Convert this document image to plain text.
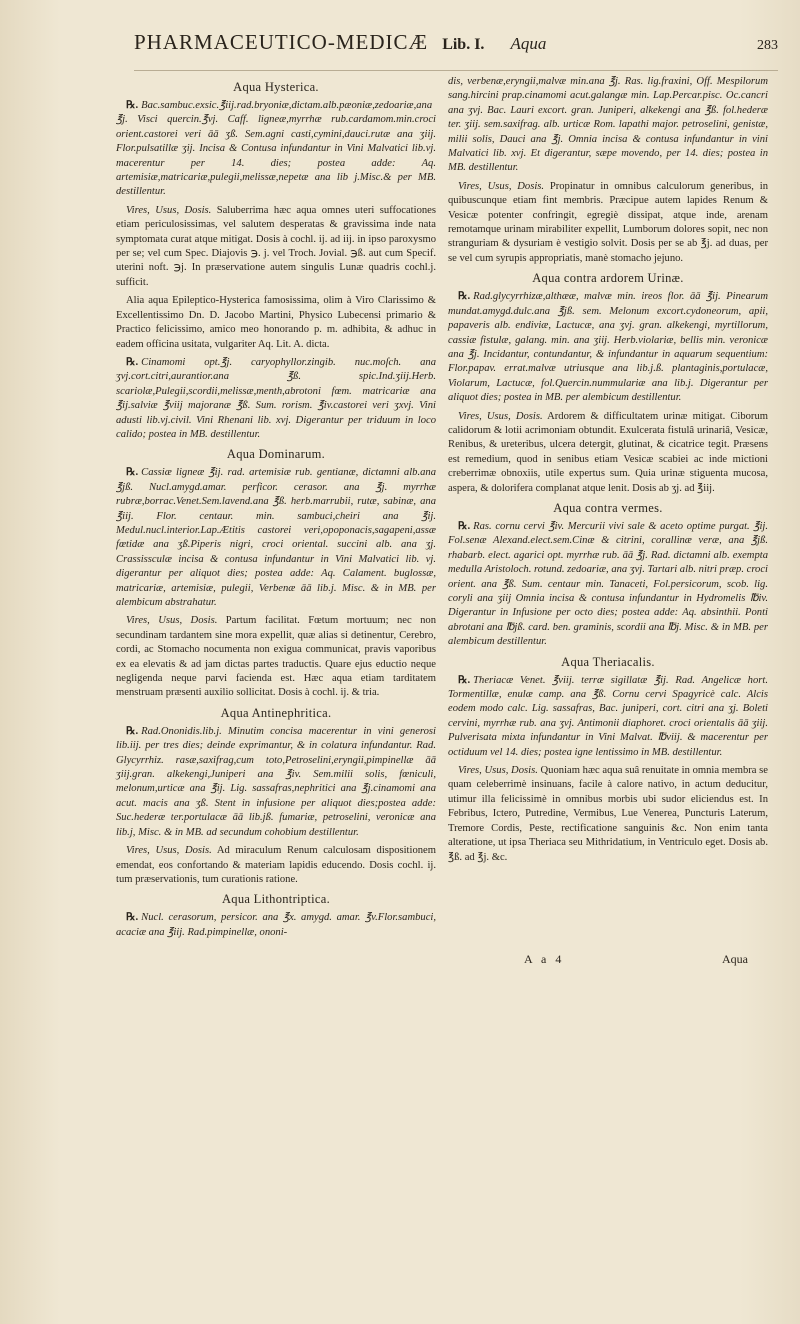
PHARMACEUTICO-MEDICÆ Lib. I. Aqua	283
Aqua Hysterica.

℞. Bac.sambuc.exsic.℥iij.rad.bryoniæ,dictam.alb.pæoniæ,zedoariæ,ana ℥j. Visci quercin.℥vj. Caff. ligneæ,myrrhæ rub.cardamom.min.croci orient.castorei veri āā ʒß. Sem.agni casti,cymini,dauci.rutæ ana ʒiij. Flor.pulsatillæ ʒij. Incisa & Contusa infundantur in Vini Malvatici lib.vj. macerentur per 14. dies; postea adde: Aq. artemisiæ,matricariæ,pulegii,melissæ,nepetæ ana lib j.Misc.& per MB. destillentur.

Vires, Usus, Dosis. Saluberrima hæc aqua omnes uteri suffocationes etiam periculosissimas, vel salutem desperatas & gravissima inde nata symptomata curat atque mitigat. Dosis à cochl. ij. ad iij. in ipso paroxysmo per se; vel cum Spec. Diajovis ℈. j. vel Troch. Jovial. ℈ß. aut cum Specif. uterini noft. ℈j. In præservatione autem singulis Lunæ quadris cochl.j. sufficit.

Alia aqua Epileptico-Hysterica famosissima, olim à Viro Clarissimo & Excellentissimo Dn. D. Jacobo Martini, Physico Lubecensi primario & Practico felicissimo, amico meo honorando p. m. adhibita, & adhuc in eadem officina usitata, vulgariter Aq. Lit. A. dicta.

℞. Cinamomi opt.℥j. caryophyllor.zingib. nuc.moſch. ana ʒvj.cort.citri,aurantior.ana ℥ß. spic.Ind.ʒiij.Herb. scariolæ,Pulegii,scordii,melissæ,menth,abrotoni fœm. matricariæ ana ℥ij.salviæ ℥viij majoranæ ℥ß. Sum. rorism. ℥iv.castorei veri ʒxvj. Vini adusti lib.vj.civil. Vini Rhenani lib. xvj. Digerantur per triduum in loco calido; postea in MB. destillentur.

Aqua Dominarum.

℞. Cassiæ ligneæ ℥ij. rad. artemisiæ rub. gentianæ, dictamni alb.ana ℥jß. Nucl.amygd.amar. perficor. cerasor. ana ℥j. myrrhæ rubræ,borrac.Venet.Sem.lavend.ana ℥ß. herb.marrubii, rutæ, sabinæ, ana ℥iij. Flor. centaur. min. sambuci,cheiri ana ℥ij. Medul.nucl.interior.Lap.Ætitis castorei veri,opoponacis,sagapeni,assæ fœtidæ ana ʒß.Piperis nigri, croci oriental. succini alb. ana ʒj. Crassissculæ incisa & contusa infundantur in Vini Malvatici lib. vj. digerantur per aliquot dies; postea adde: Aq. Calament. buglossæ, matricariæ, artemisiæ, pulegii, Verbenæ āā lib.j. Misc. & in MB. per alembicum abstrahatur.

Vires, Usus, Dosis. Partum facilitat. Fœtum mortuum; nec non secundinam tardantem sine mora expellit, quæ alias si detinentur, Cerebro, cordi, ac Stomacho nocumenta non exigua communicat, pravis vaporibus ex ea elevatis & ad jam dictas partes traductis. Quare ejus eductio neque negligenda neque parvi facienda est. Hæc aqua etiam tarditatem menstruam præsenti auxilio sollicitat. Dosis à cochl. ij. & tria.

Aqua Antinephritica.

℞. Rad.Ononidis.lib.j. Minutim concisa macerentur in vini generosi lib.iij. per tres dies; deinde exprimantur, & in colatura infundantur. Rad. Glycyrrhiz. rasæ,saxifrag,cum toto,Petroselini,eryngii,pimpinellæ āā ʒiij.gran. alkekengi,Juniperi ana ℥iv. Sem.milii solis, fœniculi, melonum,urticæ ana ℥ij. Lig. sassafras,nephritici ana ℥j.cinamomi ana acut. macis ana ʒß. Stent in infusione per aliquot dies;postea adde: Suc.hederæ ter.portulacæ āā lib.jß. fumariæ, petroselini, veronicæ ana lib.j, Misc. & in MB. ad secundum cohobium destillentur.

Vires, Usus, Dosis. Ad miraculum Renum calculosam dispositionem emendat, eos confortando & materiam lapidis educendo. Dosis cochl. ij. tum præservationis, tum curationis ratione.

Aqua Lithontriptica.

℞. Nucl. cerasorum, persicor. ana ℥x. amygd. amar. ℥v.Flor.sambuci, acaciæ ana ℥iij. Rad.pimpinellæ, ononi-

dis, verbenæ,eryngii,malvæ min.ana ℥j. Ras. lig.fraxini, Off. Mespilorum sang.hircini prap.cinamomi acut.galangæ min. Lap.Percar.pisc. Oc.cancri ana ʒvj. Bac. Lauri excort. gran. Juniperi, alkekengi ana ℥ß. fol.hederæ ter. ʒiij. sem.saxifrag. alb. urticæ Rom. lapathi major. petroselini, genistæ, milii solis, Dauci ana ℥j. Omnia incisa & contusa infundantur in vini Malvatici lib. xvj. Et digerantur, sæpe movendo, per 14. dies; postea in MB. destillentur.

Vires, Usus, Dosis. Propinatur in omnibus calculorum generibus, in quibuscunque etiam fint membris. Præcipue autem lapides Renum & Vesicæ potenter confringit, egregiè dissipat, atque inde, arenam remotamque urinam mirabiliter expellit, Lumborum dolores sopit, nec non stranguriam & dysuriam è vestigio solvit. Dosis per se ab ℥j. ad duas, per se vel cum syrupis appropriatis, manè stomacho jejuno.

Aqua contra ardorem Urinæ.

℞. Rad.glycyrrhizæ,althææ, malvæ min. ireos flor. āā ℥ij. Pinearum mundat.amygd.dulc.ana ℥jß. sem. Melonum excort.cydoneorum, apii, papaveris alb. endiviæ, Lactucæ, ana ʒvj. gran. alkekengi, myrtillorum, cassiæ fistulæ, galang. min. ana ʒiij. Herb.violariæ, bellis min. veronicæ ana ℥j. Incidantur, contundantur, & infundantur in aquarum sequentium: Flor.papav. errat.malvæ utriusque ana lib.j.ß. plantaginis,portulacæ, Violarum, Lactucæ, fol.Quercin.nummulariæ ana lib.j. Digerantur per aliquot dies; postea in MB. per alembicum destillentur.

Vires, Usus, Dosis. Ardorem & difficultatem urinæ mitigat. Ciborum calidorum & lotii acrimoniam obtundit. Exulcerata fistulâ urinariâ, Vesicæ, Renibus, & ureteribus, ulcera detergit, glutinat, & cicatrice tegit. Præsens est remedium, quod in senibus etiam Vesicæ scabiei ac inde mictioni creberrimæ obnoxiis, utile expertus sum. Quia urinæ stiguenta mucosa, aspera, & dolorifera complanat atque lenit. Dosis ab ʒj. ad ℥iij.

Aqua contra vermes.

℞. Ras. cornu cervi ℥iv. Mercurii vivi sale & aceto optime purgat. ℥ij. Fol.senæ Alexand.elect.sem.Cinæ & citrini, corallinæ veræ, ana ℥jß. rhabarb. elect. agarici opt. myrrhæ rub. āā ℥j. Rad. dictamni alb. exempta medulla Aristoloch. rotund. zedoariæ, ana ʒvj. Tartari alb. nitri præp. croci orient. ana ℥ß. Sum. centaur min. Tanaceti, Fol.persicorum, scob. lig. coryli ana ʒiij Omnia incisa & contusa infundantur in Hydromelis ℔iv. Digerantur in Infusione per octo dies; postea adde: Aq. absinthii. Ponti abrotani ana ℔jß. card. ben. graminis, scordii ana ℔j. Misc. & in MB. per alembicum destillentur.

Aqua Theriacalis.

℞. Theriacæ Venet. ℥viij. terræ sigillatæ ℥ij. Rad. Angelicæ hort. Tormentillæ, enulæ camp. ana ℥ß. Cornu cervi Spagyricè calc. Alcis eodem modo calc. Lig. sassafras, Bac. juniperi, cort. citri ana ʒj. Boleti cervini, myrrhæ rub. ana ʒvj. Antimonii diaphoret. croci orientalis āā ʒiij. Pulverisata mixta infundantur in Vini Malvat. ℔viij. & macerentur per octiduum vel 14. dies; postea igne lentissimo in MB. destillentur.

Vires, Usus, Dosis. Quoniam hæc aqua suâ renuitate in omnia membra se quam celeberrimè insinuans, facile à calore nativo, in actum deducitur, utimur illa felicissimè in omnibus morbis ubi sudor eliciendus est. In Febribus, Ictero, Putredine, Vermibus, Lue Venerea, Puncturis Laterum, Tremore Cordis, Peste, rectificatione sanguinis &c. Non enim tanta alteratione, ut ipsa Theriaca seu Mithridatium, in Ventriculo eget. Dosis ab. ℥ß. ad ℥j. &c.

A a 4	Aqua
